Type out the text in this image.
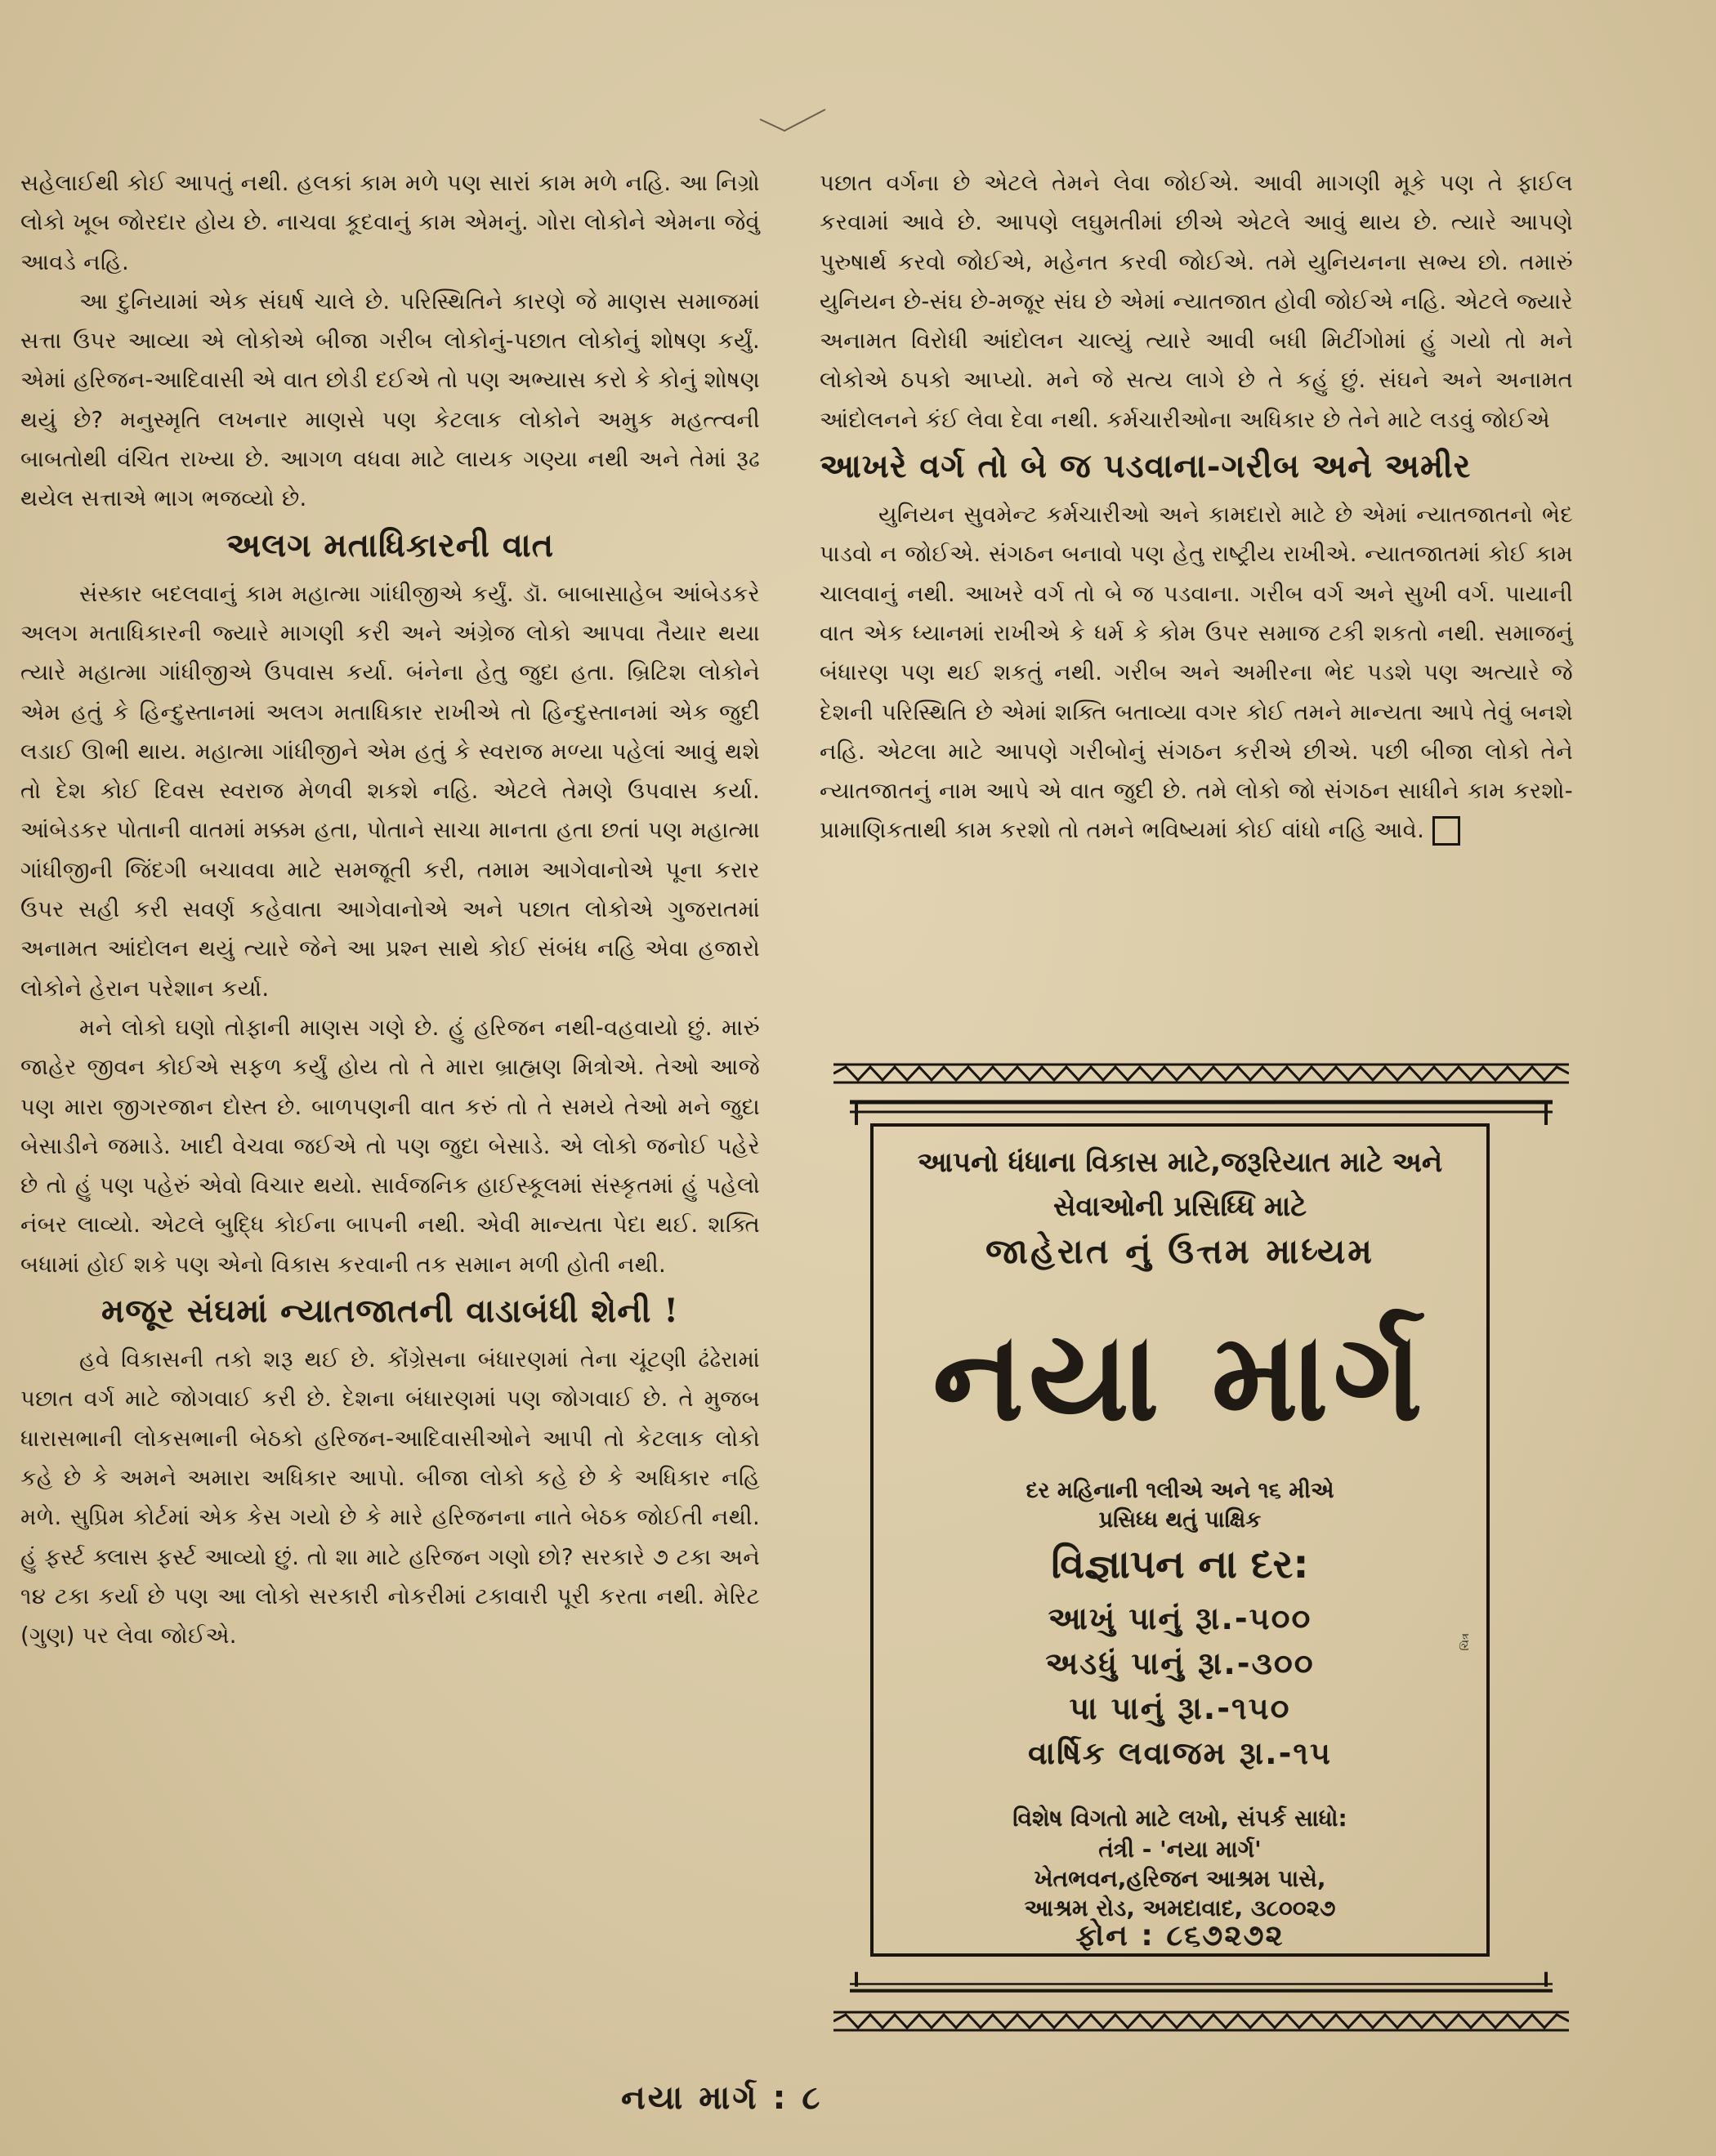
સહેલાઈથી કોઈ આપતું નથી. હલકાં કામ મળે પણ સારાં કામ મળે નહિ. આ નિગ્રો લોકો ખૂબ જોરદાર હોય છે. નાચવા કૂદવાનું કામ એમનું. ગોરા લોકોને એમના જેવું આવડે નહિ.

આ દુનિયામાં એક સંઘર્ષ ચાલે છે. પરિસ્થિતિને કારણે જે માણસ સમાજમાં સત્તા ઉપર આવ્યા એ લોકોએ બીજા ગરીબ લોકોનું-પછાત લોકોનું શોષણ કર્યું. એમાં હરિજન-આદિવાસી એ વાત છોડી દઈએ તો પણ અભ્યાસ કરો કે કોનું શોષણ થયું છે? મનુસ્મૃતિ લખનાર માણસે પણ કેટલાક લોકોને અમુક મહત્ત્વની બાબતોથી વંચિત રાખ્યા છે. આગળ વધવા માટે લાયક ગણ્યા નથી અને તેમાં રૂઢ થયેલ સત્તાએ ભાગ ભજવ્યો છે.

અલગ મતાધિકારની વાત

સંસ્કાર બદલવાનું કામ મહાત્મા ગાંધીજીએ કર્યું. ડૉ. બાબાસાહેબ આંબેડકરે અલગ મતાધિકારની જ્યારે માગણી કરી અને અંગ્રેજ લોકો આપવા તૈયાર થયા ત્યારે મહાત્મા ગાંધીજીએ ઉપવાસ કર્યા. બંનેના હેતુ જુદા હતા. બ્રિટિશ લોકોને એમ હતું કે હિન્દુસ્તાનમાં અલગ મતાધિકાર રાખીએ તો હિન્દુસ્તાનમાં એક જુદી લડાઈ ઊભી થાય. મહાત્મા ગાંધીજીને એમ હતું કે સ્વરાજ મળ્યા પહેલાં આવું થશે તો દેશ કોઈ દિવસ સ્વરાજ મેળવી શકશે નહિ. એટલે તેમણે ઉપવાસ કર્યા. આંબેડકર પોતાની વાતમાં મક્કમ હતા, પોતાને સાચા માનતા હતા છતાં પણ મહાત્મા ગાંધીજીની જિંદગી બચાવવા માટે સમજૂતી કરી, તમામ આગેવાનોએ પૂના કરાર ઉપર સહી કરી સવર્ણ કહેવાતા આગેવાનોએ અને પછાત લોકોએ ગુજરાતમાં અનામત આંદોલન થયું ત્યારે જેને આ પ્રશ્ન સાથે કોઈ સંબંધ નહિ એવા હજારો લોકોને હેરાન પરેશાન કર્યા.

મને લોકો ઘણો તોફાની માણસ ગણે છે. હું હરિજન નથી-વહવાયો છું. મારું જાહેર જીવન કોઈએ સફળ કર્યું હોય તો તે મારા બ્રાહ્મણ મિત્રોએ. તેઓ આજે પણ મારા જીગરજાન દોસ્ત છે. બાળપણની વાત કરું તો તે સમયે તેઓ મને જુદા બેસાડીને જમાડે. ખાદી વેચવા જઈએ તો પણ જુદા બેસાડે. એ લોકો જનોઈ પહેરે છે તો હું પણ પહેરું એવો વિચાર થયો. સાર્વજનિક હાઈસ્કૂલમાં સંસ્કૃતમાં હું પહેલો નંબર લાવ્યો. એટલે બુદ્ધિ કોઈના બાપની નથી. એવી માન્યતા પેદા થઈ. શક્તિ બધામાં હોઈ શકે પણ એનો વિકાસ કરવાની તક સમાન મળી હોતી નથી.

મજૂર સંઘમાં ન્યાતજાતની વાડાબંધી શેની !

હવે વિકાસની તકો શરૂ થઈ છે. કોંગ્રેસના બંધારણમાં તેના ચૂંટણી ઢંઢેરામાં પછાત વર્ગ માટે જોગવાઈ કરી છે. દેશના બંધારણમાં પણ જોગવાઈ છે. તે મુજબ ધારાસભાની લોકસભાની બેઠકો હરિજન-આદિવાસીઓને આપી તો કેટલાક લોકો કહે છે કે અમને અમારા અધિકાર આપો. બીજા લોકો કહે છે કે અધિકાર નહિ મળે. સુપ્રિમ કોર્ટમાં એક કેસ ગયો છે કે મારે હરિજનના નાતે બેઠક જોઈતી નથી. હું ફર્સ્ટ ક્લાસ ફર્સ્ટ આવ્યો છું. તો શા માટે હરિજન ગણો છો? સરકારે ૭ ટકા અને ૧૪ ટકા કર્યા છે પણ આ લોકો સરકારી નોકરીમાં ટકાવારી પૂરી કરતા નથી. મેરિટ (ગુણ) પર લેવા જોઈએ.

પછાત વર્ગના છે એટલે તેમને લેવા જોઈએ. આવી માગણી મૂકે પણ તે ફાઈલ કરવામાં આવે છે. આપણે લઘુમતીમાં છીએ એટલે આવું થાય છે. ત્યારે આપણે પુરુષાર્થ કરવો જોઈએ, મહેનત કરવી જોઈએ. તમે યુનિયનના સભ્ય છો. તમારું યુનિયન છે-સંઘ છે-મજૂર સંઘ છે એમાં ન્યાતજાત હોવી જોઈએ નહિ. એટલે જ્યારે અનામત વિરોધી આંદોલન ચાલ્યું ત્યારે આવી બધી મિટીંગોમાં હું ગયો તો મને લોકોએ ઠપકો આપ્યો. મને જે સત્ય લાગે છે તે કહું છું. સંઘને અને અનામત આંદોલનને કંઈ લેવા દેવા નથી. કર્મચારીઓના અધિકાર છે તેને માટે લડવું જોઈએ

આખરે વર્ગ તો બે જ પડવાના-ગરીબ અને અમીર

યુનિયન સુવમેન્ટ કર્મચારીઓ અને કામદારો માટે છે એમાં ન્યાતજાતનો ભેદ પાડવો ન જોઈએ. સંગઠન બનાવો પણ હેતુ રાષ્ટ્રીય રાખીએ. ન્યાતજાતમાં કોઈ કામ ચાલવાનું નથી. આખરે વર્ગ તો બે જ પડવાના. ગરીબ વર્ગ અને સુખી વર્ગ. પાયાની વાત એક ધ્યાનમાં રાખીએ કે ધર્મ કે કોમ ઉપર સમાજ ટકી શકતો નથી. સમાજનું બંધારણ પણ થઈ શકતું નથી. ગરીબ અને અમીરના ભેદ પડશે પણ અત્યારે જે દેશની પરિસ્થિતિ છે એમાં શક્તિ બતાવ્યા વગર કોઈ તમને માન્યતા આપે તેવું બનશે નહિ. એટલા માટે આપણે ગરીબોનું સંગઠન કરીએ છીએ. પછી બીજા લોકો તેને ન્યાતજાતનું નામ આપે એ વાત જુદી છે. તમે લોકો જો સંગઠન સાધીને કામ કરશો-પ્રામાણિકતાથી કામ કરશો તો તમને ભવિષ્યમાં કોઈ વાંધો નહિ આવે.

આપનો ધંધાના વિકાસ માટે,જરૂરિયાત માટે અને
સેવાઓની પ્રસિધ્ધિ માટે
જાહેરાત નું ઉત્તમ માધ્યમ
નયા માર્ગ
દર મહિનાની ૧લીએ અને ૧૬ મીએ
પ્રસિધ્ધ થતું પાક્ષિક
વિજ્ઞાપન ના દર:
આખું પાનું રૂા.-૫૦૦
અડધું પાનું રૂા.-૩૦૦
પા પાનું રૂા.-૧૫૦
વાર્ષિક લવાજમ રૂા.-૧૫
વિશેષ વિગતો માટે લખો, સંપર્ક સાધો:
તંત્રી - 'નયા માર્ગ'
ખેતભવન,હરિજન આશ્રમ પાસે,
આશ્રમ રોડ, અમદાવાદ, ૩૮૦૦૨૭
ફોન : ૮૬૭૨૭૨
ચિત્ર
નયા માર્ગ : ૮
